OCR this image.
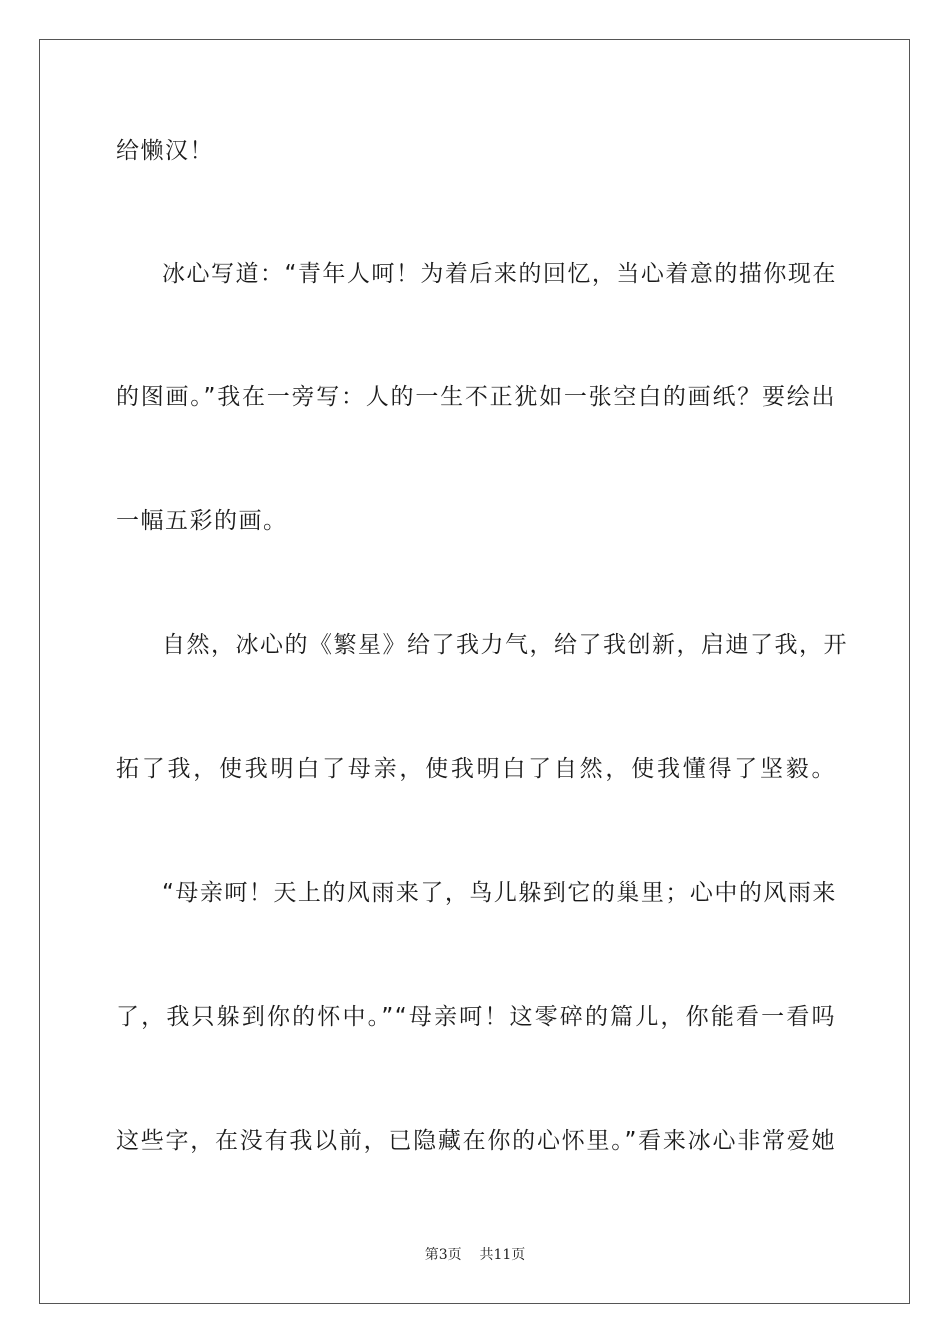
给懒汉！
冰心写道：“青年人呵！为着后来的回忆，当心着意的描你现在
的图画。”我在一旁写：人的一生不正犹如一张空白的画纸？要绘出
一幅五彩的画。
自然，冰心的《繁星》给了我力气，给了我创新，启迪了我，开
拓了我，使我明白了母亲，使我明白了自然，使我懂得了坚毅。
“母亲呵！天上的风雨来了，鸟儿躲到它的巢里；心中的风雨来
了，我只躲到你的怀中。”“母亲呵！这零碎的篇儿，你能看一看吗
这些字，在没有我以前，已隐藏在你的心怀里。”看来冰心非常爱她
第3页 共11页
